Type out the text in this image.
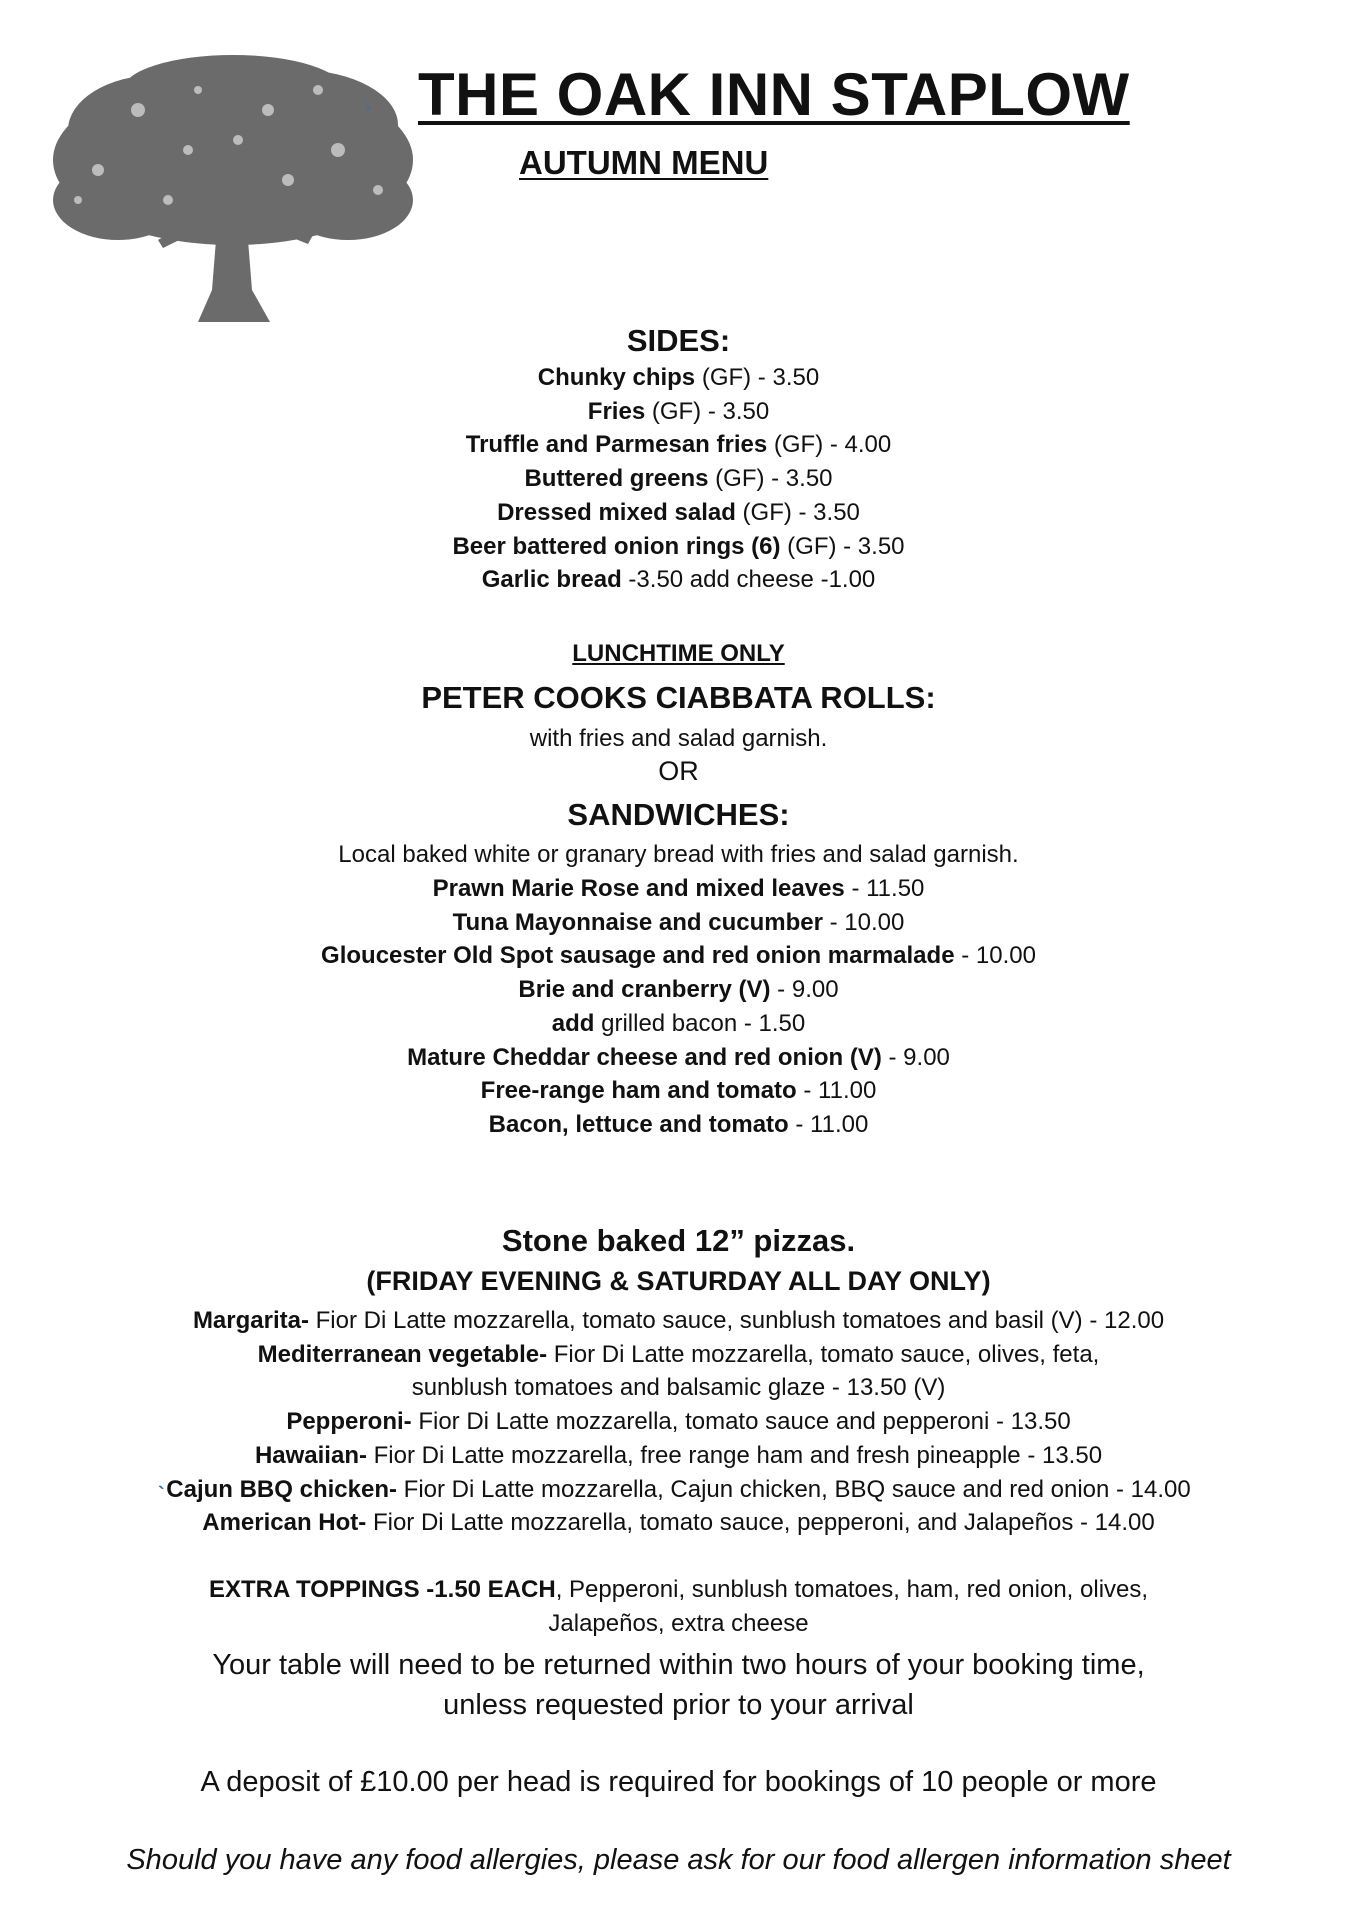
`
`
THE OAK INN STAPLOW
AUTUMN MENU
SIDES:
Chunky chips (GF) - 3.50
Fries (GF) - 3.50
Truffle and Parmesan fries (GF) - 4.00
Buttered greens (GF) - 3.50
Dressed mixed salad (GF) - 3.50
Beer battered onion rings (6) (GF) - 3.50
Garlic bread -3.50 add cheese -1.00
LUNCHTIME ONLY
PETER COOKS CIABBATA ROLLS:
with fries and salad garnish.
OR
SANDWICHES:
Local baked white or granary bread with fries and salad garnish.
Prawn Marie Rose and mixed leaves - 11.50
Tuna Mayonnaise and cucumber - 10.00
Gloucester Old Spot sausage and red onion marmalade - 10.00
Brie and cranberry (V) - 9.00
add grilled bacon - 1.50
Mature Cheddar cheese and red onion (V) - 9.00
Free-range ham and tomato - 11.00
Bacon, lettuce and tomato - 11.00
Stone baked 12” pizzas.
(FRIDAY EVENING & SATURDAY ALL DAY ONLY)
Margarita- Fior Di Latte mozzarella, tomato sauce, sunblush tomatoes and basil (V) - 12.00
Mediterranean vegetable- Fior Di Latte mozzarella, tomato sauce, olives, feta,
sunblush tomatoes and balsamic glaze - 13.50 (V)
Pepperoni- Fior Di Latte mozzarella, tomato sauce and pepperoni - 13.50
Hawaiian- Fior Di Latte mozzarella, free range ham and fresh pineapple - 13.50
Cajun BBQ chicken- Fior Di Latte mozzarella, Cajun chicken, BBQ sauce and red onion - 14.00
American Hot- Fior Di Latte mozzarella, tomato sauce, pepperoni, and Jalapeños - 14.00
EXTRA TOPPINGS -1.50 EACH, Pepperoni, sunblush tomatoes, ham, red onion, olives,
Jalapeños, extra cheese
Your table will need to be returned within two hours of your booking time,
unless requested prior to your arrival
A deposit of £10.00 per head is required for bookings of 10 people or more
Should you have any food allergies, please ask for our food allergen information sheet
